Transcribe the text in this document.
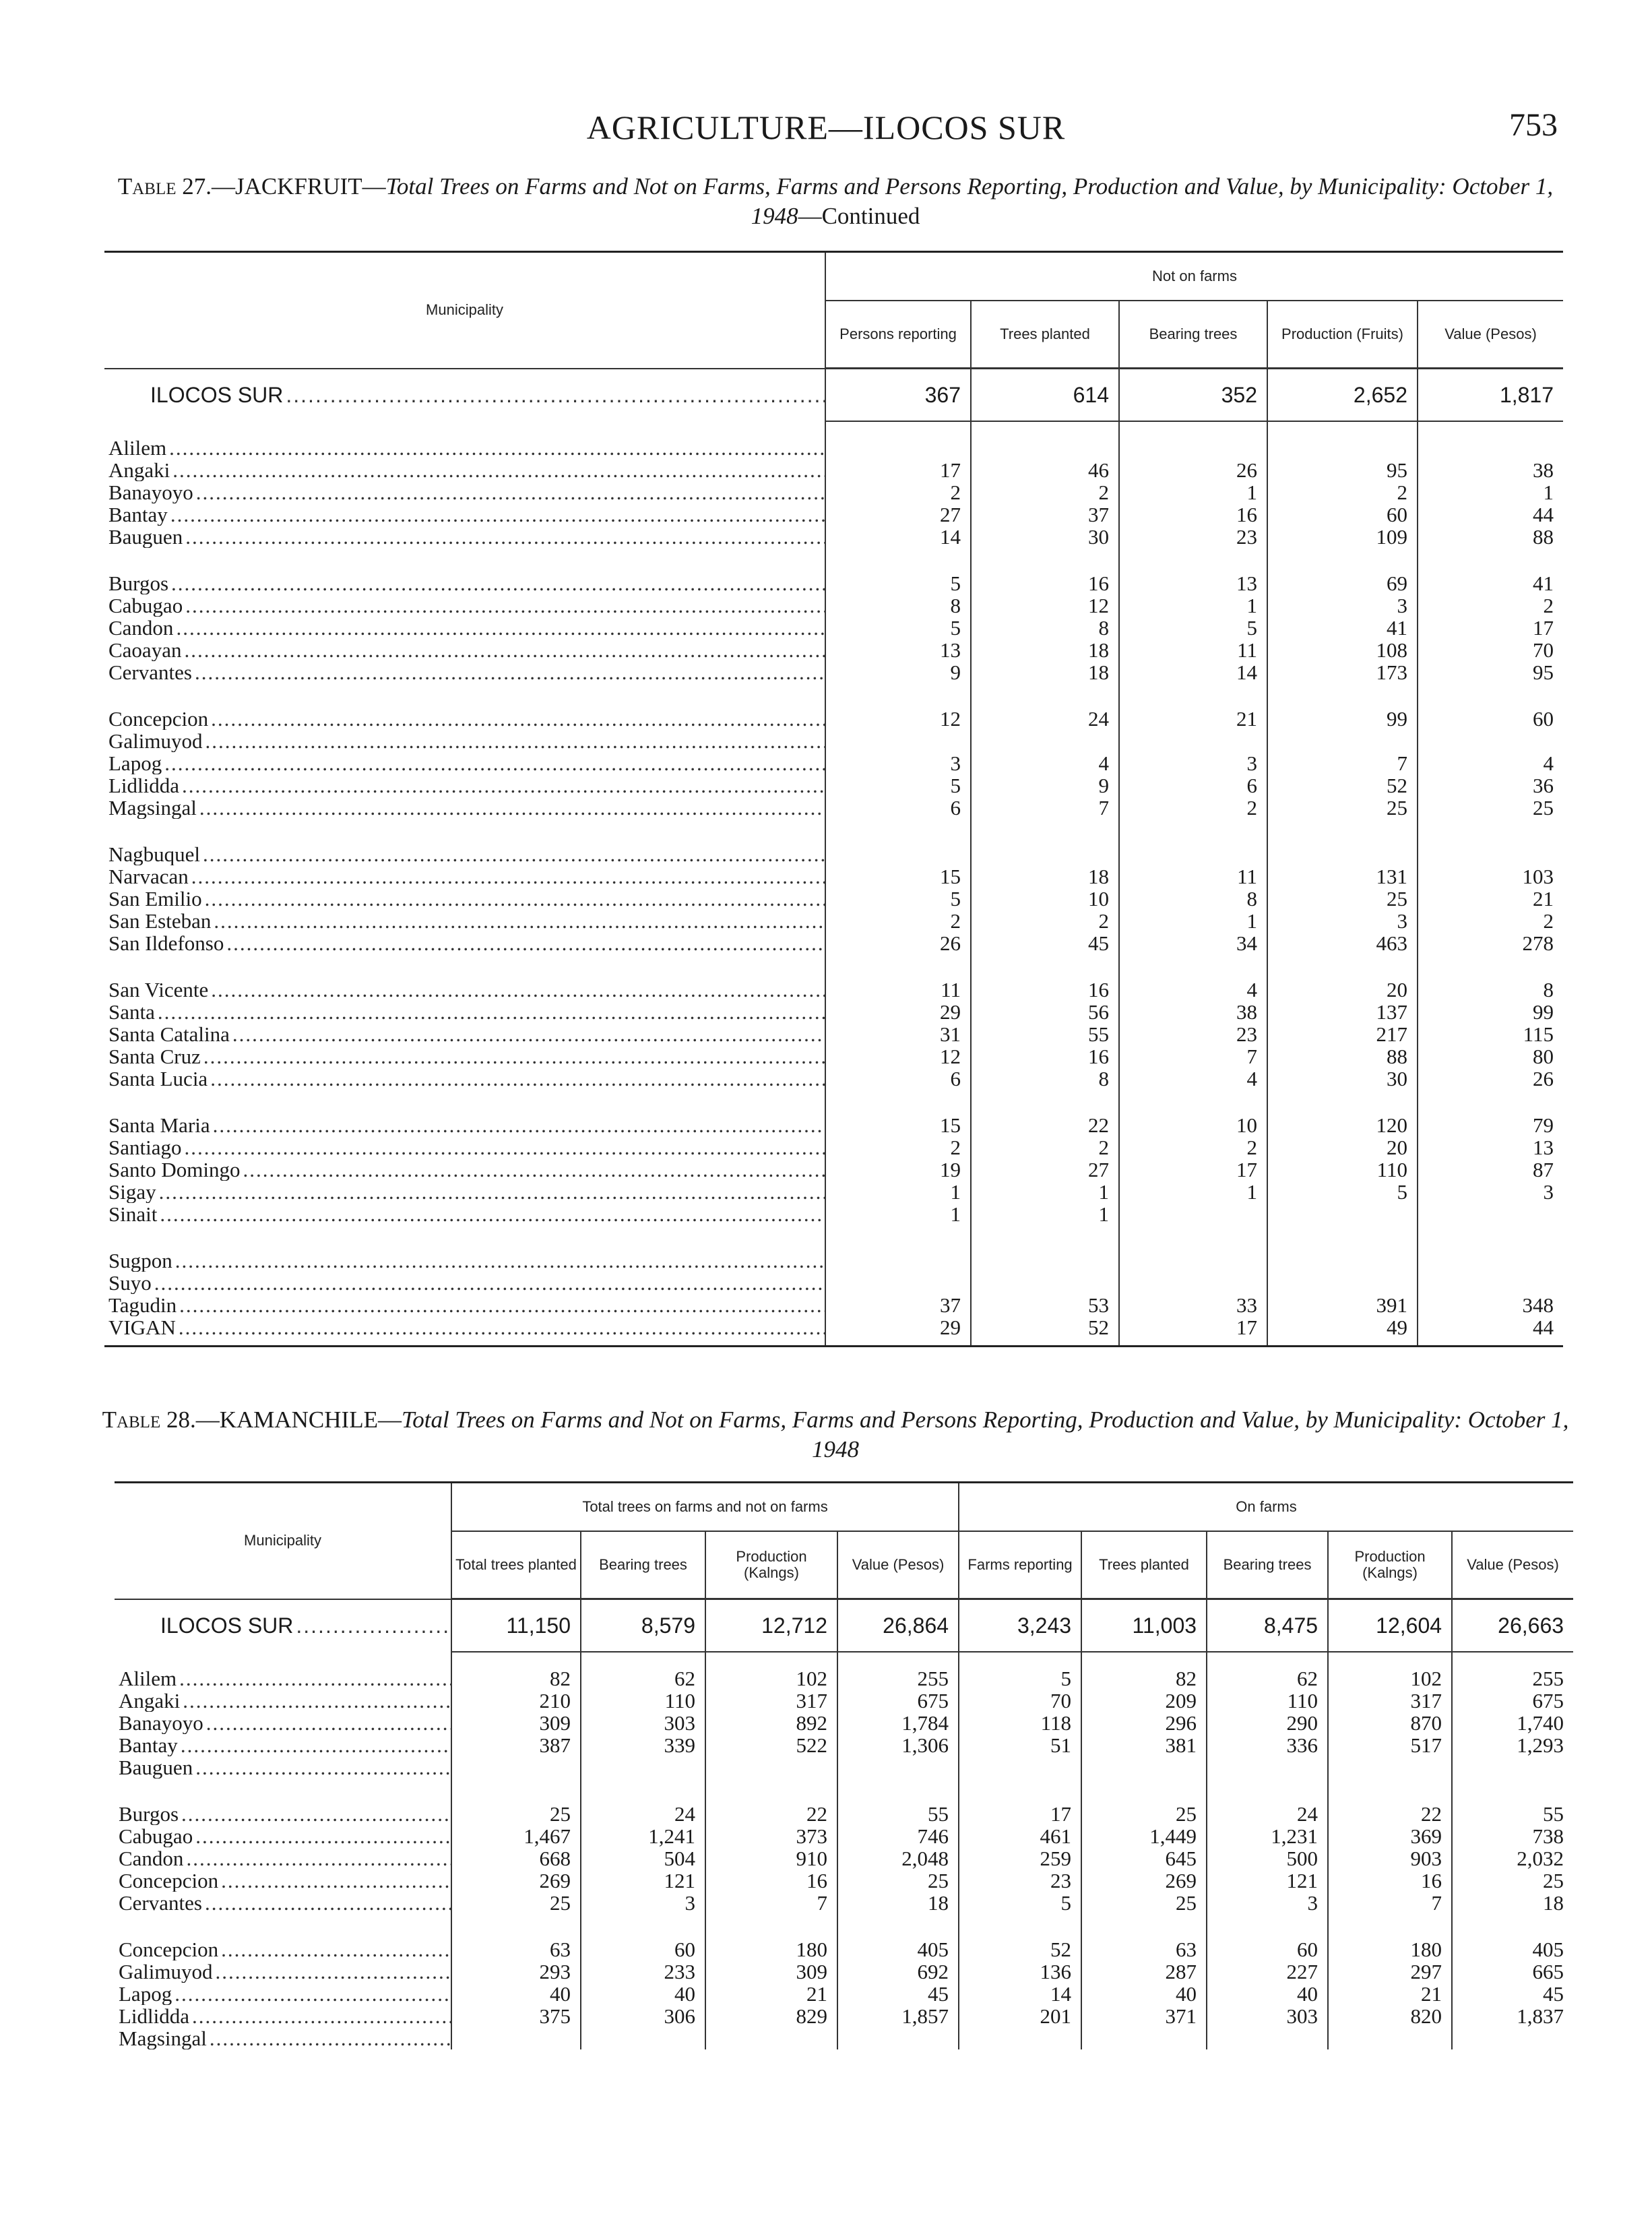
AGRICULTURE—ILOCOS SUR	753
Table 27.—JACKFRUIT—Total Trees on Farms and Not on Farms, Farms and Persons Reporting, Production and Value, by Municipality: October 1, 1948—Continued
Municipality	Not on farms				
	Persons reporting	Trees planted	Bearing trees	Production (Fruits)	Value (Pesos)
ILOCOS SUR .....	367	614	352	2,652	1,817

Alilem .....					
Angaki .....	17	46	26	95	38
Banayoyo .....	2	2	1	2	1
Bantay .....	27	37	16	60	44
Bauguen .....	14	30	23	109	88

Burgos .....	5	16	13	69	41
Cabugao .....	8	12	1	3	2
Candon .....	5	8	5	41	17
Caoayan .....	13	18	11	108	70
Cervantes .....	9	18	14	173	95

Concepcion .....	12	24	21	99	60
Galimuyod .....					
Lapog .....	3	4	3	7	4
Lidlidda .....	5	9	6	52	36
Magsingal .....	6	7	2	25	25

Nagbuquel .....					
Narvacan .....	15	18	11	131	103
San Emilio .....	5	10	8	25	21
San Esteban .....	2	2	1	3	2
San Ildefonso .....	26	45	34	463	278

San Vicente .....	11	16	4	20	8
Santa .....	29	56	38	137	99
Santa Catalina .....	31	55	23	217	115
Santa Cruz .....	12	16	7	88	80
Santa Lucia .....	6	8	4	30	26

Santa Maria .....	15	22	10	120	79
Santiago .....	2	2	2	20	13
Santo Domingo .....	19	27	17	110	87
Sigay .....	1	1	1	5	3
Sinait .....	1	1			

Sugpon .....					
Suyo .....					
Tagudin .....	37	53	33	391	348
VIGAN .....	29	52	17	49	44

Table 28.—KAMANCHILE—Total Trees on Farms and Not on Farms, Farms and Persons Reporting, Production and Value, by Municipality: October 1, 1948
Municipality	Total trees on farms and not on farms				On farms				
	Total trees planted	Bearing trees	Production (Kalngs)	Value (Pesos)	Farms reporting	Trees planted	Bearing trees	Production (Kalngs)	Value (Pesos)
ILOCOS SUR .....	11,150	8,579	12,712	26,864	3,243	11,003	8,475	12,604	26,663

Alilem .....	82	62	102	255	5	82	62	102	255
Angaki .....	210	110	317	675	70	209	110	317	675
Banayoyo .....	309	303	892	1,784	118	296	290	870	1,740
Bantay .....	387	339	522	1,306	51	381	336	517	1,293
Bauguen .....									

Burgos .....	25	24	22	55	17	25	24	22	55
Cabugao .....	1,467	1,241	373	746	461	1,449	1,231	369	738
Candon .....	668	504	910	2,048	259	645	500	903	2,032
Concepcion .....	269	121	16	25	23	269	121	16	25
Cervantes .....	25	3	7	18	5	25	3	7	18

Concepcion .....	63	60	180	405	52	63	60	180	405
Galimuyod .....	293	233	309	692	136	287	227	297	665
Lapog .....	40	40	21	45	14	40	40	21	45
Lidlidda .....	375	306	829	1,857	201	371	303	820	1,837
Magsingal .....									
